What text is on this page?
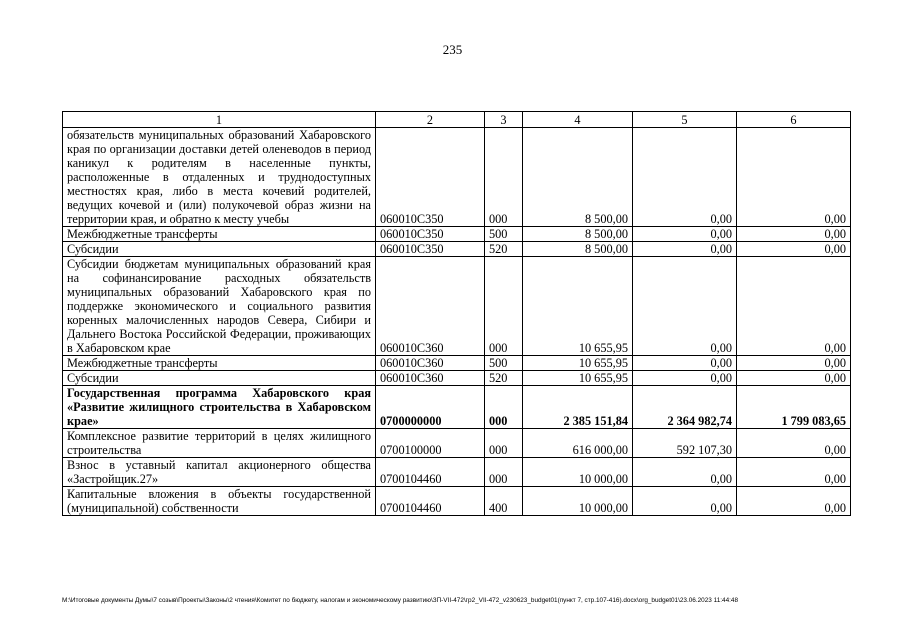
235
1	2	3	4	5	6
обязательств муниципальных образований Хабаровского края по организации доставки детей оленеводов в период каникул к родителям в населенные пункты, расположенные в отдаленных и труднодоступных местностях края, либо в места кочевий родителей, ведущих кочевой и (или) полукочевой образ жизни на территории края, и обратно к месту учебы	060010С350	000	8 500,00	0,00	0,00
Межбюджетные трансферты	060010С350	500	8 500,00	0,00	0,00
Субсидии	060010С350	520	8 500,00	0,00	0,00
Субсидии бюджетам муниципальных образований края на софинансирование расходных обязательств муниципальных образований Хабаровского края по поддержке экономического и социального развития коренных малочисленных народов Севера, Сибири и Дальнего Востока Российской Федерации, проживающих в Хабаровском крае	060010С360	000	10 655,95	0,00	0,00
Межбюджетные трансферты	060010С360	500	10 655,95	0,00	0,00
Субсидии	060010С360	520	10 655,95	0,00	0,00
Государственная программа Хабаровского края «Развитие жилищного строительства в Хабаровском крае»	0700000000	000	2 385 151,84	2 364 982,74	1 799 083,65
Комплексное развитие территорий в целях жилищного строительства	0700100000	000	616 000,00	592 107,30	0,00
Взнос в уставный капитал акционерного общества «Застройщик.27»	0700104460	000	10 000,00	0,00	0,00
Капитальные вложения в объекты государственной (муниципальной) собственности	0700104460	400	10 000,00	0,00	0,00
М:\Итоговые документы Думы\7 созыв\Проекты\Законы\2 чтения\Комитет по бюджету, налогам и экономическому развитию\ЗП-VII-472\гр2_VII-472_v230623_budget01(пункт 7, стр.107-416).docx\org_budget01\23.06.2023 11:44:48
